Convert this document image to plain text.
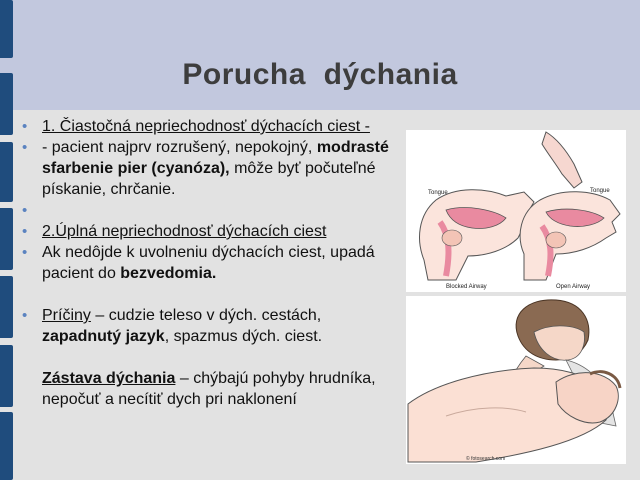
Porucha  dýchania
• 1. Čiastočná nepriechodnosť dýchacích ciest -
• - pacient najprv rozrušený, nepokojný, modrasté sfarbenie pier (cyanóza), môže byť počuteľné pískanie, chrčanie.
•

• 2.Úplná nepriechodnosť dýchacích ciest
• Ak nedôjde k uvolneniu dýchacích ciest, upadá pacient do bezvedomia.
• Príčiny – cudzie teleso v dých. cestách, zapadnutý jazyk, spazmus dých. ciest.
Zástava dýchania – chýbajú pohyby hrudníka, nepočuť a necítiť dych pri naklonení
Tongue	Tongue
Blocked Airway	Open Airway
© fotosearch.com
